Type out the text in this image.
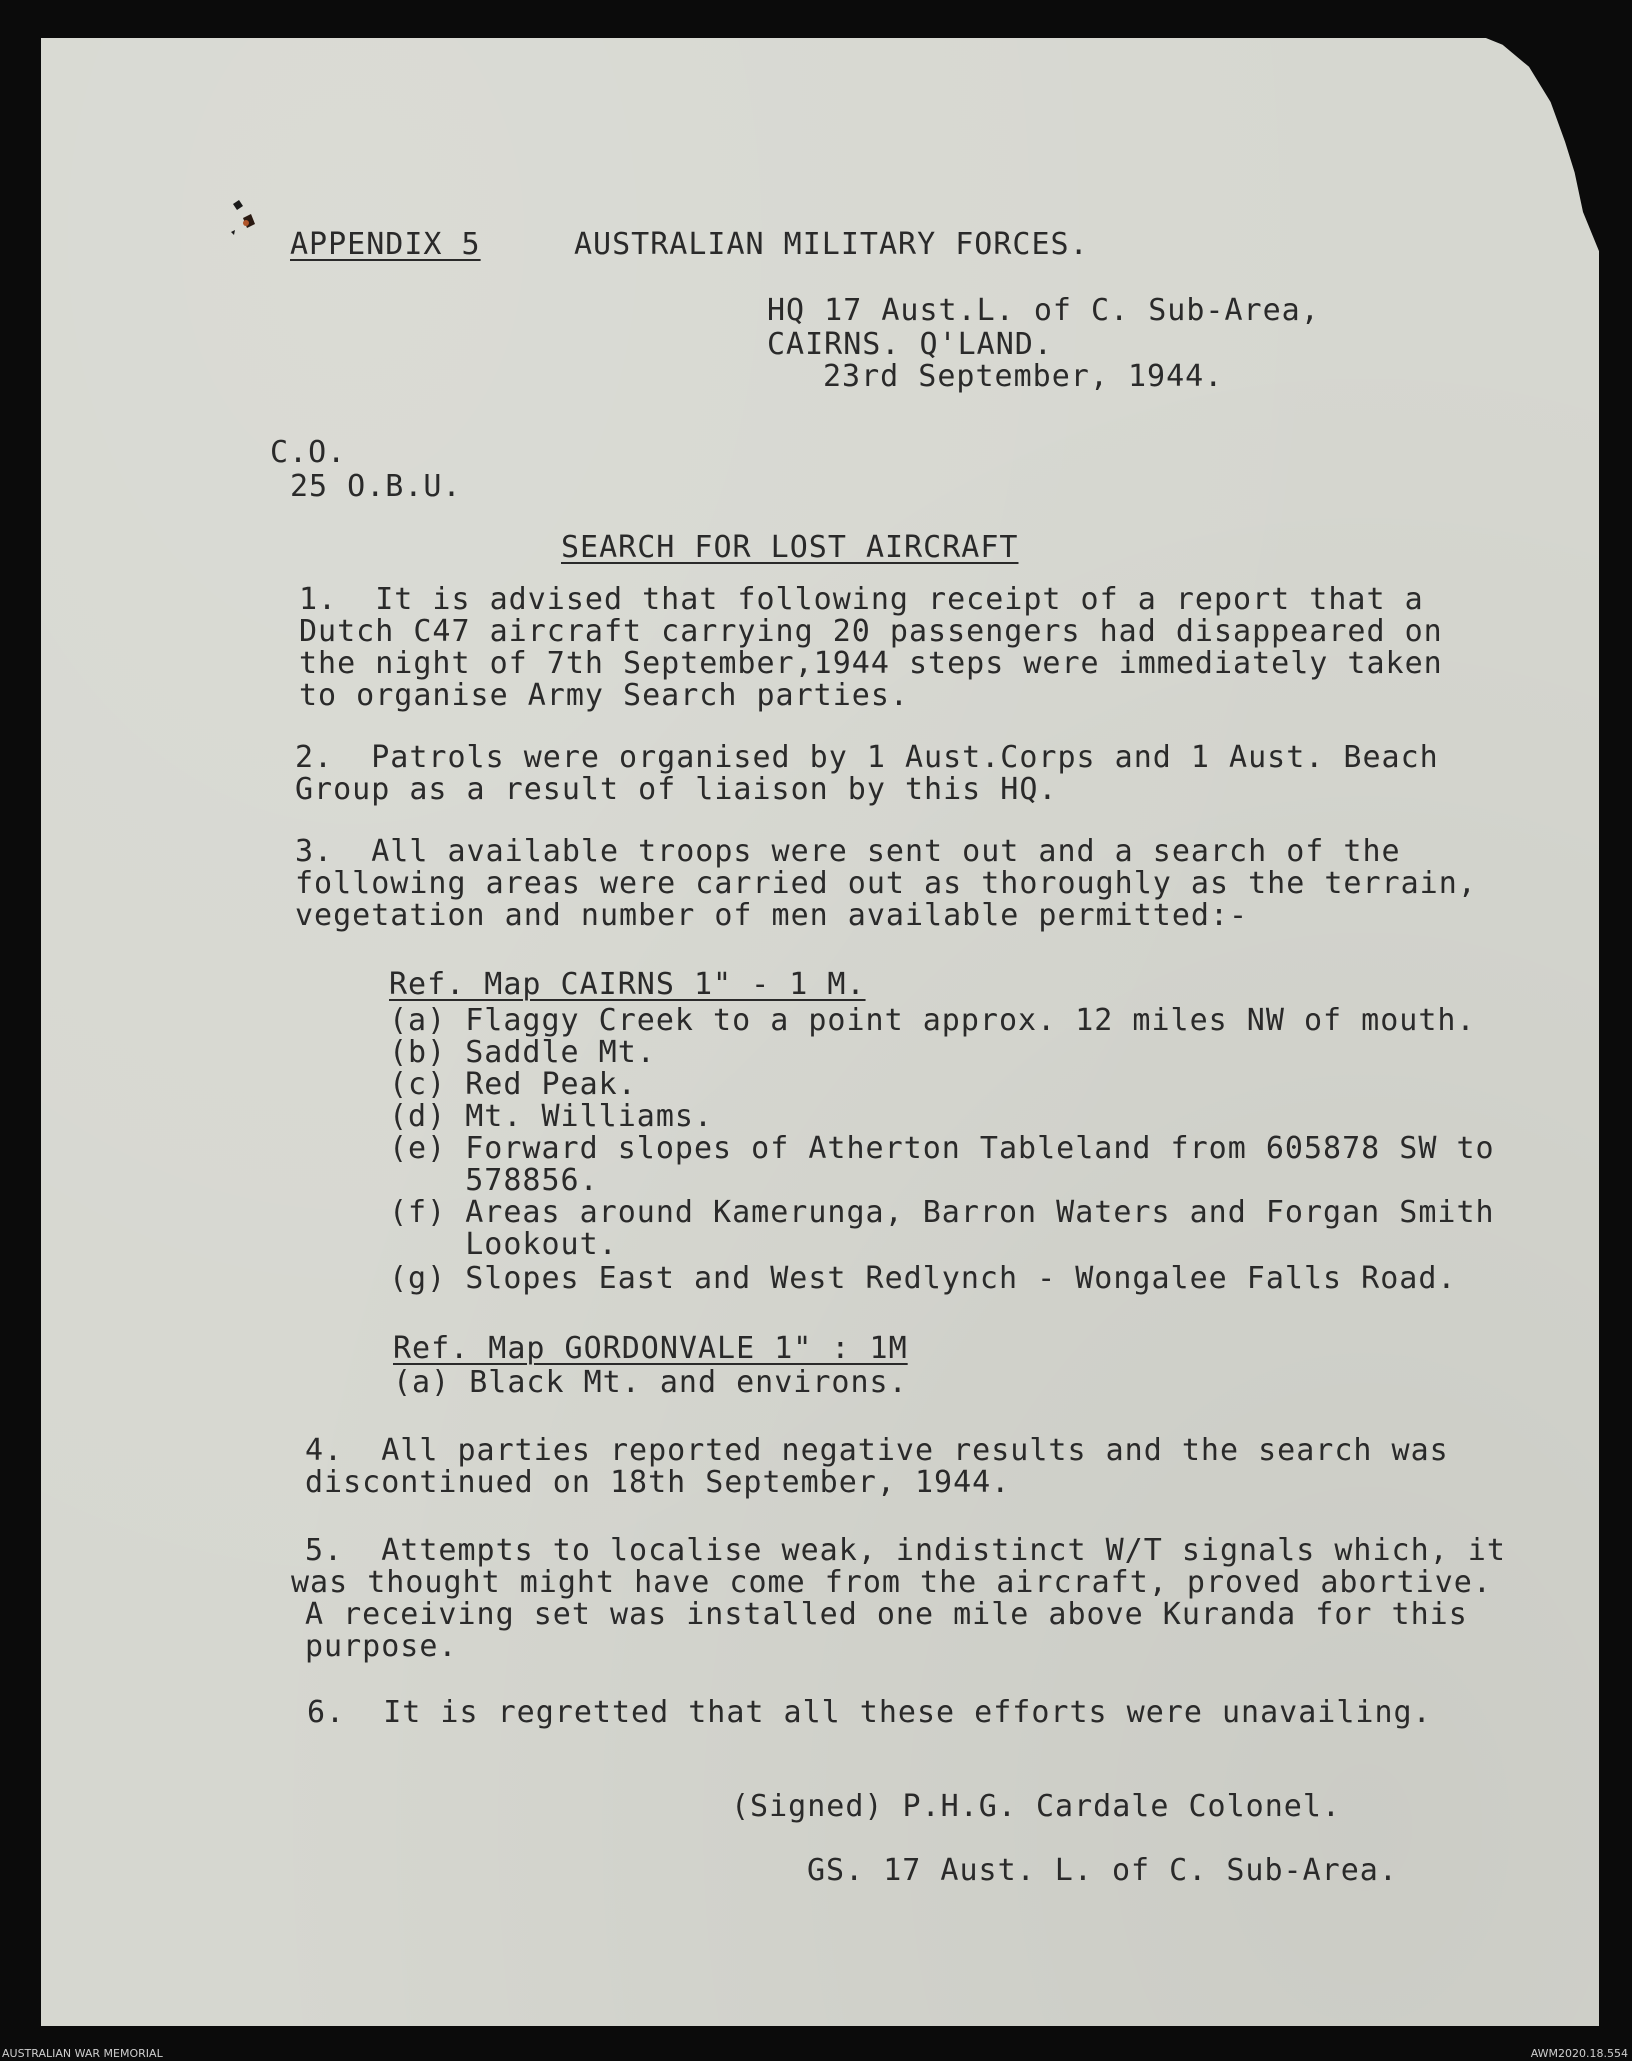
APPENDIX 5	AUSTRALIAN MILITARY FORCES.
HQ 17 Aust.L. of C. Sub-Area,
CAIRNS. Q'LAND.
23rd September, 1944.
C.O.
25 O.B.U.
SEARCH FOR LOST AIRCRAFT
1.  It is advised that following receipt of a report that a
Dutch C47 aircraft carrying 20 passengers had disappeared on
the night of 7th September,1944 steps were immediately taken
to organise Army Search parties.
2.  Patrols were organised by 1 Aust.Corps and 1 Aust. Beach
Group as a result of liaison by this HQ.
3.  All available troops were sent out and a search of the
following areas were carried out as thoroughly as the terrain,
vegetation and number of men available permitted:-
Ref. Map CAIRNS 1" - 1 M.
(a) Flaggy Creek to a point approx. 12 miles NW of mouth.
(b) Saddle Mt.
(c) Red Peak.
(d) Mt. Williams.
(e) Forward slopes of Atherton Tableland from 605878 SW to
578856.
(f) Areas around Kamerunga, Barron Waters and Forgan Smith
Lookout.
(g) Slopes East and West Redlynch - Wongalee Falls Road.
Ref. Map GORDONVALE 1" : 1M
(a) Black Mt. and environs.
4.  All parties reported negative results and the search was
discontinued on 18th September, 1944.
5.  Attempts to localise weak, indistinct W/T signals which, it
was thought might have come from the aircraft, proved abortive.
A receiving set was installed one mile above Kuranda for this
purpose.
6.  It is regretted that all these efforts were unavailing.
(Signed) P.H.G. Cardale Colonel.
GS. 17 Aust. L. of C. Sub-Area.
AUSTRALIAN WAR MEMORIAL	AWM2020.18.554
